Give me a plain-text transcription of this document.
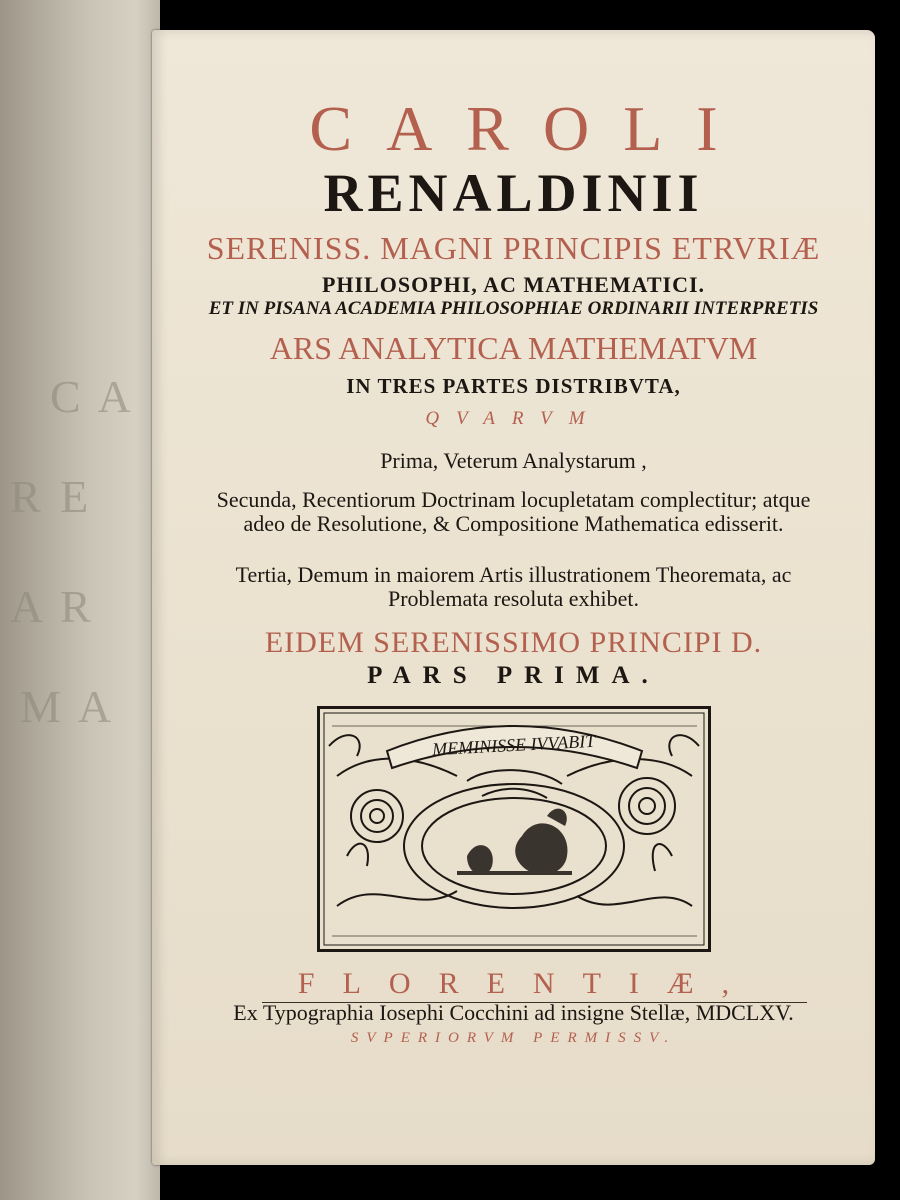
C A
R E
A R
M A
CAROLI
RENALDINII
SERENISS. MAGNI PRINCIPIS ETRVRIÆ
PHILOSOPHI, AC MATHEMATICI.
ET IN PISANA ACADEMIA PHILOSOPHIAE ORDINARII INTERPRETIS
ARS ANALYTICA MATHEMATVM
IN TRES PARTES DISTRIBVTA,
QVARVM
Prima, Veterum Analystarum ,
Secunda, Recentiorum Doctrinam locupletatam complectitur; atque adeo de Resolutione, & Compositione Mathematica edisserit.
Tertia, Demum in maiorem Artis illustrationem Theoremata, ac Problemata resoluta exhibet.
EIDEM SERENISSIMO PRINCIPI D.
PARS PRIMA.
MEMINISSE IVVABIT
FLORENTIÆ,
Ex Typographia Iosephi Cocchini ad insigne Stellæ, MDCLXV.
SVPERIORVM PERMISSV.
